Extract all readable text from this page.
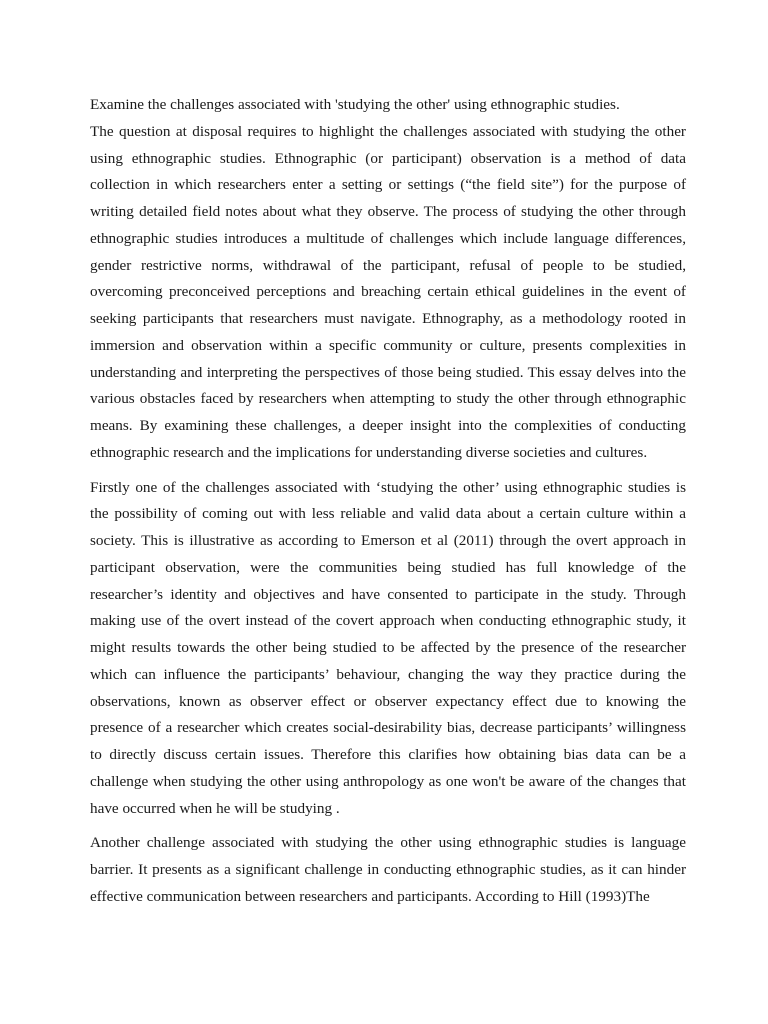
Examine the challenges associated with 'studying the other' using ethnographic studies.
The question at disposal requires to highlight the challenges associated with studying the other
using ethnographic studies. Ethnographic (or participant) observation is a method of data
collection in which researchers enter a setting or settings (“the field site”) for the purpose of
writing detailed field notes about what they observe. The process of studying the other through
ethnographic studies introduces a multitude of challenges which include language differences,
gender restrictive norms, withdrawal of the participant, refusal of people to be studied,
overcoming preconceived perceptions and breaching certain ethical guidelines in the event of
seeking participants that researchers must navigate. Ethnography, as a methodology rooted in
immersion and observation within a specific community or culture, presents complexities in
understanding and interpreting the perspectives of those being studied. This essay delves into the
various obstacles faced by researchers when attempting to study the other through ethnographic
means. By examining these challenges, a deeper insight into the complexities of conducting
ethnographic research and the implications for understanding diverse societies and cultures.
Firstly one of the challenges associated with ‘studying the other’ using ethnographic studies is
the possibility of coming out with less reliable and valid data about a certain culture within a
society. This is illustrative as according to Emerson et al (2011) through the overt approach in
participant observation, were the communities being studied has full knowledge of the
researcher’s identity and objectives and have consented to participate in the study. Through
making use of the overt instead of the covert approach when conducting ethnographic study, it
might results towards the other being studied to be affected by the presence of the researcher
which can influence the participants’ behaviour, changing the way they practice during the
observations, known as observer effect or observer expectancy effect due to knowing the
presence of a researcher which creates social-desirability bias, decrease participants’ willingness
to directly discuss certain issues. Therefore this clarifies how obtaining bias data can be a
challenge when studying the other using anthropology as one won't be aware of the changes that
have occurred when he will be studying .
Another challenge associated with studying the other using ethnographic studies is language
barrier. It presents as a significant challenge in conducting ethnographic studies, as it can hinder
effective communication between researchers and participants. According to Hill (1993)The
